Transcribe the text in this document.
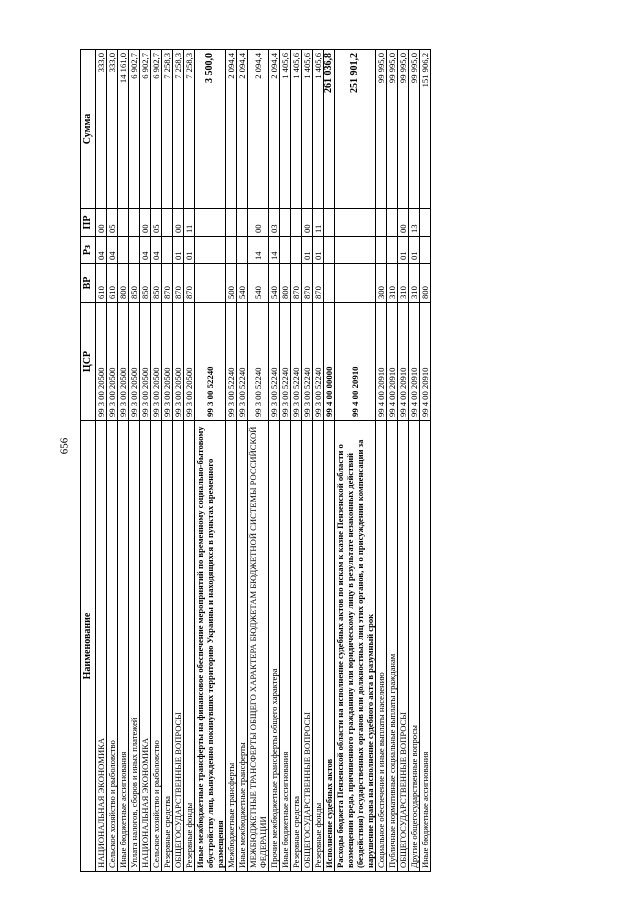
656
Наименование	ЦСР	ВР	Рз	ПР	Сумма
НАЦИОНАЛЬНАЯ ЭКОНОМИКА	99 3 00 20500	610	04	00	333,0
Сельское хозяйство и рыболовство	99 3 00 20500	610	04	05	333,0
Иные бюджетные ассигнования	99 3 00 20500	800			14 161,0
Уплата налогов, сборов и иных платежей	99 3 00 20500	850			6 902,7
НАЦИОНАЛЬНАЯ ЭКОНОМИКА	99 3 00 20500	850	04	00	6 902,7
Сельское хозяйство и рыболовство	99 3 00 20500	850	04	05	6 902,7
Резервные средства	99 3 00 20500	870			7 258,3
ОБЩЕГОСУДАРСТВЕННЫЕ ВОПРОСЫ	99 3 00 20500	870	01	00	7 258,3
Резервные фонды	99 3 00 20500	870	01	11	7 258,3
Иные межбюджетные трансферты на финансовое обеспечение мероприятий по временному социально-бытовому обустройству лиц, вынужденно покинувших территорию Украины и находящихся в пунктах временного размещения	99 3 00 52240				3 500,0
Межбюджетные трансферты	99 3 00 52240	500			2 094,4
Иные межбюджетные трансферты	99 3 00 52240	540			2 094,4
МЕЖБЮДЖЕТНЫЕ ТРАНСФЕРТЫ ОБЩЕГО ХАРАКТЕРА БЮДЖЕТАМ БЮДЖЕТНОЙ СИСТЕМЫ РОССИЙСКОЙ ФЕДЕРАЦИИ	99 3 00 52240	540	14	00	2 094,4
Прочие межбюджетные трансферты общего характера	99 3 00 52240	540	14	03	2 094,4
Иные бюджетные ассигнования	99 3 00 52240	800			1 405,6
Резервные средства	99 3 00 52240	870			1 405,6
ОБЩЕГОСУДАРСТВЕННЫЕ ВОПРОСЫ	99 3 00 52240	870	01	00	1 405,6
Резервные фонды	99 3 00 52240	870	01	11	1 405,6
Исполнение судебных актов	99 4 00 00000				261 036,8
Расходы бюджета Пензенской области на исполнение судебных актов по искам к казне Пензенской области о возмещении вреда, причиненного гражданину или юридическому лицу в результате незаконных действий (бездействия) государственных органов или должностных лиц этих органов, и о присуждении компенсации за нарушение права на исполнение судебного акта в разумный срок	99 4 00 20910				251 901,2
Социальное обеспечение и иные выплаты населению	99 4 00 20910	300			99 995,0
Публичные нормативные социальные выплаты гражданам	99 4 00 20910	310			99 995,0
ОБЩЕГОСУДАРСТВЕННЫЕ ВОПРОСЫ	99 4 00 20910	310	01	00	99 995,0
Другие общегосударственные вопросы	99 4 00 20910	310	01	13	99 995,0
Иные бюджетные ассигнования	99 4 00 20910	800			151 906,2
